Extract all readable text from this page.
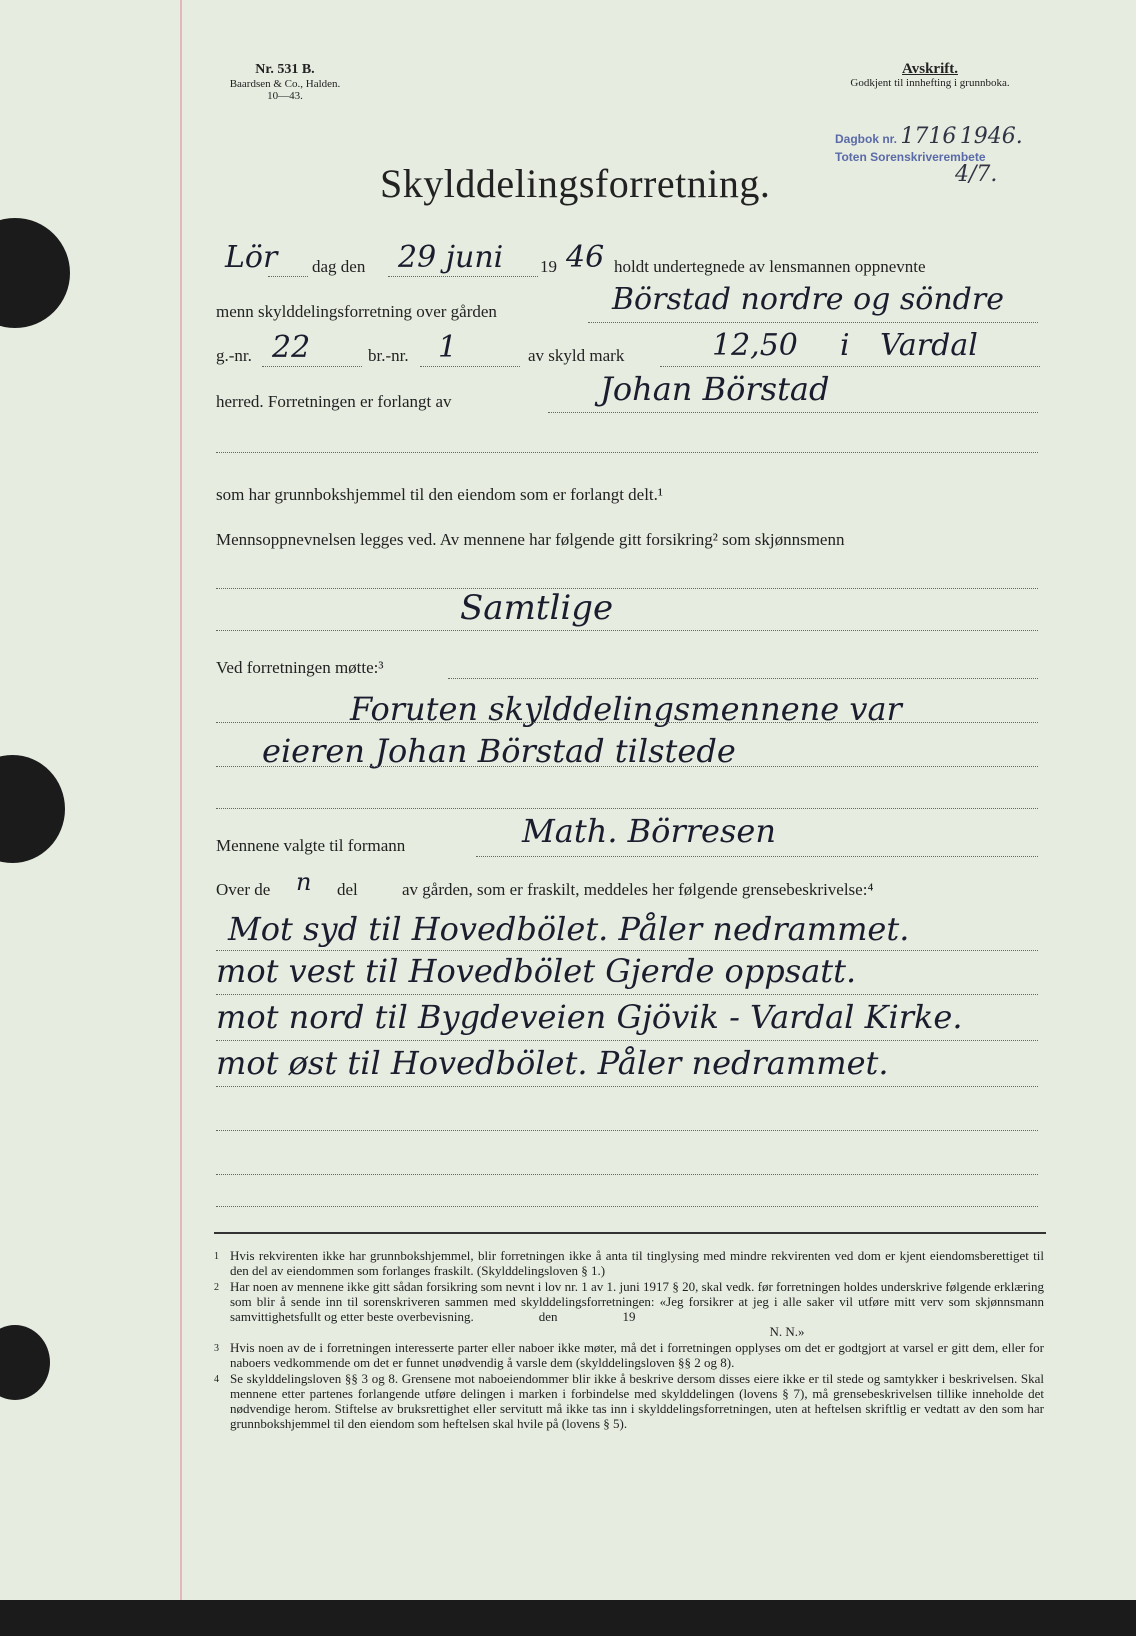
Nr. 531 B.
Baardsen & Co., Halden.
10—43.
Avskrift.
Godkjent til innhefting i grunnboka.
Dagbok nr. 1716 1946.
Toten Sorenskriverembete
4/7.
Skylddelingsforretning.
Lör dag den 29 juni 19 46 holdt undertegnede av lensmannen oppnevnte
menn skylddelingsforretning over gården	Börstad nordre og söndre
g.-nr. 22	br.-nr. 1	av skyld mark	12,50 i Vardal
herred. Forretningen er forlangt av	Johan Börstad
som har grunnbokshjemmel til den eiendom som er forlangt delt.¹
Mennsoppnevnelsen legges ved. Av mennene har følgende gitt forsikring² som skjønnsmenn
Samtlige
Ved forretningen møtte:³
Foruten skylddelingsmennene var
eieren Johan Börstad tilstede
Mennene valgte til formann	Math. Börresen
Over de n del	av gården, som er fraskilt, meddeles her følgende grensebeskrivelse:⁴
Mot syd til Hovedbölet. Påler nedrammet.
mot vest til Hovedbölet Gjerde oppsatt.
mot nord til Bygdeveien Gjövik - Vardal Kirke.
mot øst til Hovedbölet. Påler nedrammet.
1 Hvis rekvirenten ikke har grunnbokshjemmel, blir forretningen ikke å anta til tinglysing med mindre rekvirenten ved dom er kjent eiendomsberettiget til den del av eiendommen som forlanges fraskilt. (Skylddelingsloven § 1.)
2 Har noen av mennene ikke gitt sådan forsikring som nevnt i lov nr. 1 av 1. juni 1917 § 20, skal vedk. før forretningen holdes underskrive følgende erklæring som blir å sende inn til sorenskriveren sammen med skylddelingsforretningen: «Jeg forsikrer at jeg i alle saker vil utføre mitt verv som skjønnsmann samvittighetsfullt og etter beste overbevisning.                    den                    19
N. N.»
3 Hvis noen av de i forretningen interesserte parter eller naboer ikke møter, må det i forretningen opplyses om det er godtgjort at varsel er gitt dem, eller for naboers vedkommende om det er funnet unødvendig å varsle dem (skylddelingsloven §§ 2 og 8).
4 Se skylddelingsloven §§ 3 og 8. Grensene mot naboeiendommer blir ikke å beskrive dersom disses eiere ikke er til stede og samtykker i beskrivelsen. Skal mennene etter partenes forlangende utføre delingen i marken i forbindelse med skylddelingen (lovens § 7), må grensebeskrivelsen tillike inneholde det nødvendige herom. Stiftelse av bruksrettighet eller servitutt må ikke tas inn i skylddelingsforretningen, uten at heftelsen skriftlig er vedtatt av den som har grunnbokshjemmel til den eiendom som heftelsen skal hvile på (lovens § 5).
